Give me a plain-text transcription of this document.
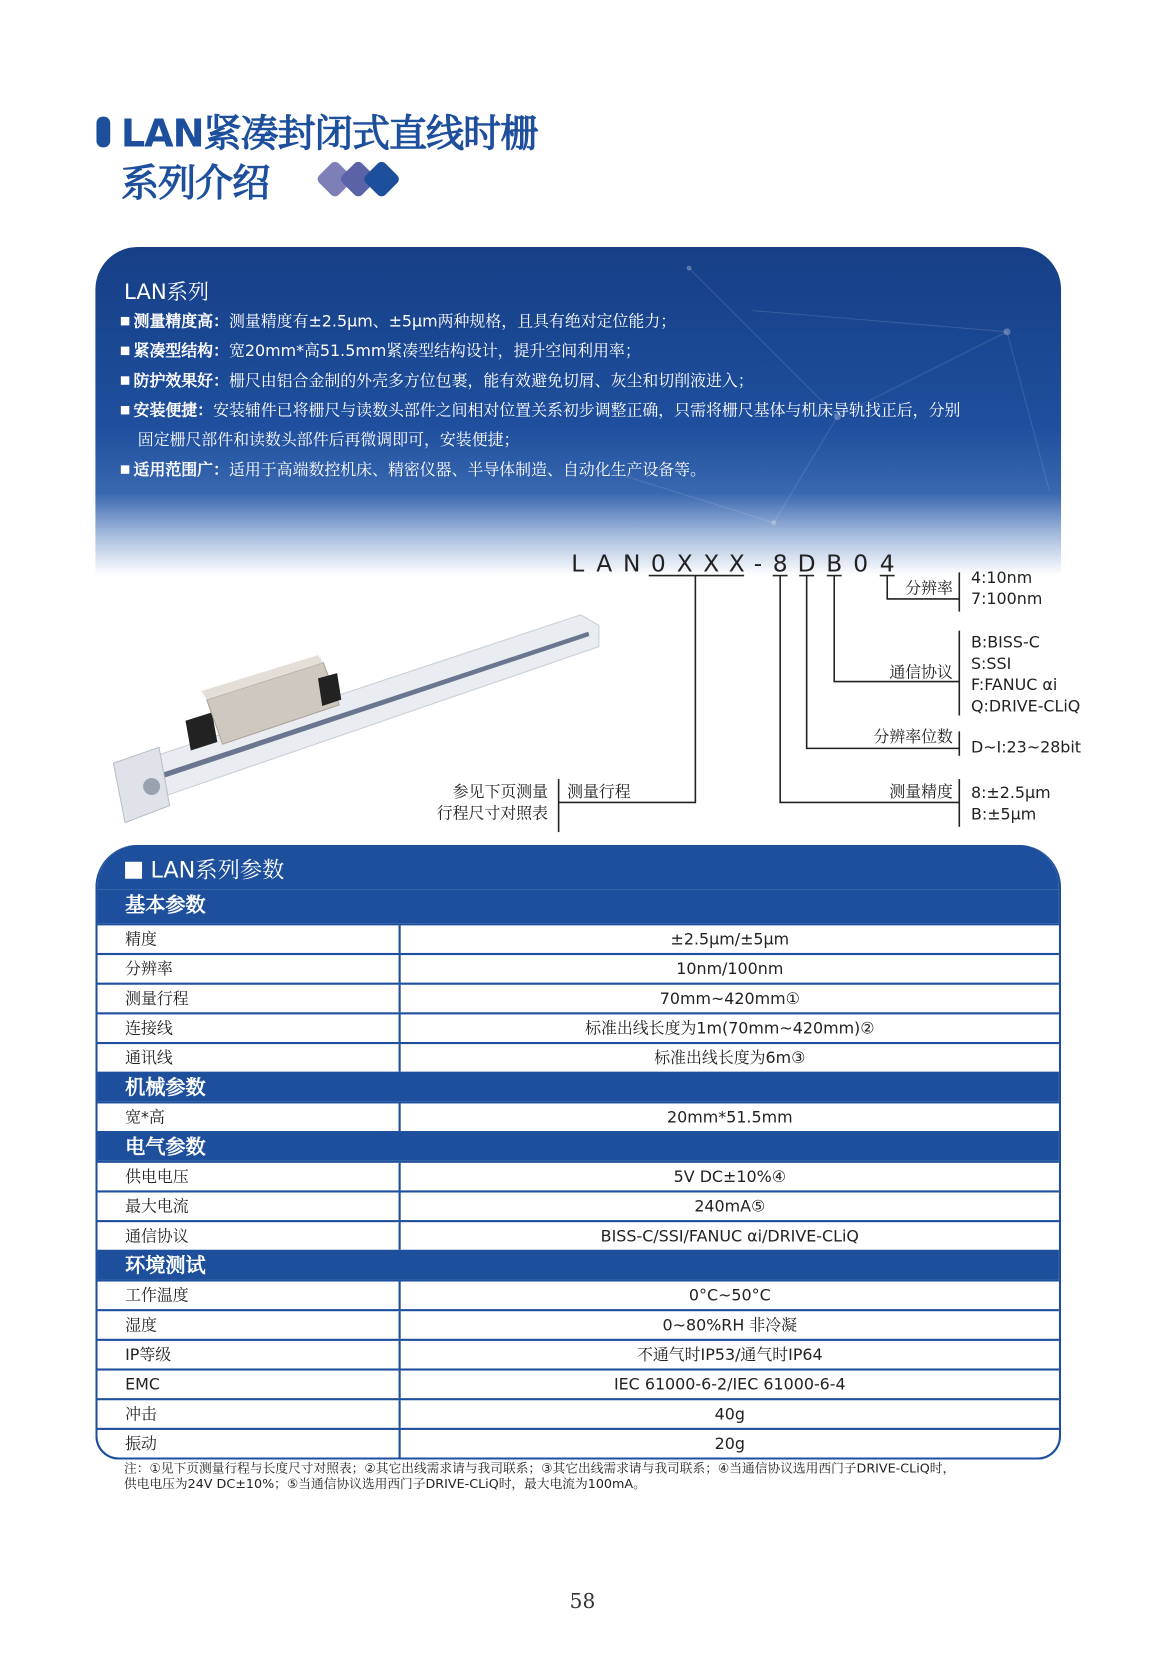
LAN紧凑封闭式直线时栅
系列介绍
LAN系列
测量精度高：测量精度有±2.5μm、±5μm两种规格，且具有绝对定位能力；
紧凑型结构：宽20mm*高51.5mm紧凑型结构设计，提升空间利用率；
防护效果好：栅尺由铝合金制的外壳多方位包裹，能有效避免切屑、灰尘和切削液进入；
安装便捷：安装辅件已将栅尺与读数头部件之间相对位置关系初步调整正确，只需将栅尺基体与机床导轨找正后，分别
固定栅尺部件和读数头部件后再微调即可，安装便捷；
适用范围广：适用于高端数控机床、精密仪器、半导体制造、自动化生产设备等。
L A N 0 X X X - 8 D B 0 4
分辨率
4:10nm
7:100nm
通信协议
B:BISS-C
S:SSI
F:FANUC αi
Q:DRIVE-CLiQ
分辨率位数
D~I:23~28bit
测量精度 8:±2.5μm
B:±5μm
测量行程
参见下页测量
行程尺寸对照表
LAN系列参数
基本参数
精度	±2.5μm/±5μm
分辨率	10nm/100nm
测量行程	70mm~420mm①
连接线	标准出线长度为1m(70mm~420mm)②
通讯线	标准出线长度为6m③
机械参数
宽*高	20mm*51.5mm
电气参数
供电电压	5V DC±10%④
最大电流	240mA⑤
通信协议	BISS-C/SSI/FANUC αi/DRIVE-CLiQ
环境测试
工作温度	0°C~50°C
湿度	0~80%RH 非冷凝
IP等级	不通气时IP53/通气时IP64
EMC	IEC 61000-6-2/IEC 61000-6-4
冲击	40g
振动	20g
注：①见下页测量行程与长度尺寸对照表；②其它出线需求请与我司联系；③其它出线需求请与我司联系；④当通信协议选用西门子DRIVE-CLiQ时，
供电电压为24V DC±10%；⑤当通信协议选用西门子DRIVE-CLiQ时，最大电流为100mA。
58
